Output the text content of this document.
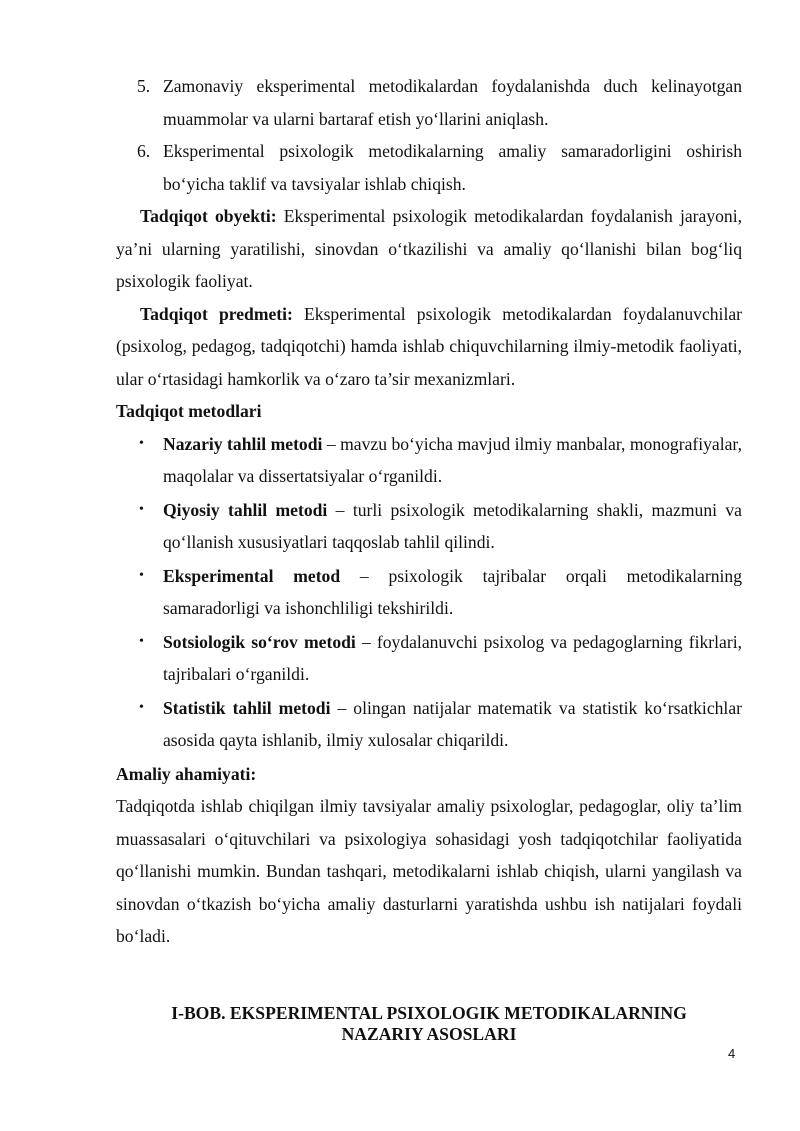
5. Zamonaviy eksperimental metodikalardan foydalanishda duch kelinayotgan muammolar va ularni bartaraf etish yo‘llarini aniqlash.
6. Eksperimental psixologik metodikalarning amaliy samaradorligini oshirish bo‘yicha taklif va tavsiyalar ishlab chiqish.
Tadqiqot obyekti: Eksperimental psixologik metodikalardan foydalanish jarayoni, ya’ni ularning yaratilishi, sinovdan o‘tkazilishi va amaliy qo‘llanishi bilan bog‘liq psixologik faoliyat.
Tadqiqot predmeti: Eksperimental psixologik metodikalardan foydalanuvchilar (psixolog, pedagog, tadqiqotchi) hamda ishlab chiquvchilarning ilmiy-metodik faoliyati, ular o‘rtasidagi hamkorlik va o‘zaro ta’sir mexanizmlari.
Tadqiqot metodlari
• Nazariy tahlil metodi – mavzu bo‘yicha mavjud ilmiy manbalar, monografiyalar, maqolalar va dissertatsiyalar o‘rganildi.
• Qiyosiy tahlil metodi – turli psixologik metodikalarning shakli, mazmuni va qo‘llanish xususiyatlari taqqoslab tahlil qilindi.
• Eksperimental metod – psixologik tajribalar orqali metodikalarning samaradorligi va ishonchliligi tekshirildi.
• Sotsiologik so‘rov metodi – foydalanuvchi psixolog va pedagoglarning fikrlari, tajribalari o‘rganildi.
• Statistik tahlil metodi – olingan natijalar matematik va statistik ko‘rsatkichlar asosida qayta ishlanib, ilmiy xulosalar chiqarildi.
Amaliy ahamiyati:
Tadqiqotda ishlab chiqilgan ilmiy tavsiyalar amaliy psixologlar, pedagoglar, oliy ta’lim muassasalari o‘qituvchilari va psixologiya sohasidagi yosh tadqiqotchilar faoliyatida qo‘llanishi mumkin. Bundan tashqari, metodikalarni ishlab chiqish, ularni yangilash va sinovdan o‘tkazish bo‘yicha amaliy dasturlarni yaratishda ushbu ish natijalari foydali bo‘ladi.
I-BOB. EKSPERIMENTAL PSIXOLOGIK METODIKALARNING
NAZARIY ASOSLARI
4
